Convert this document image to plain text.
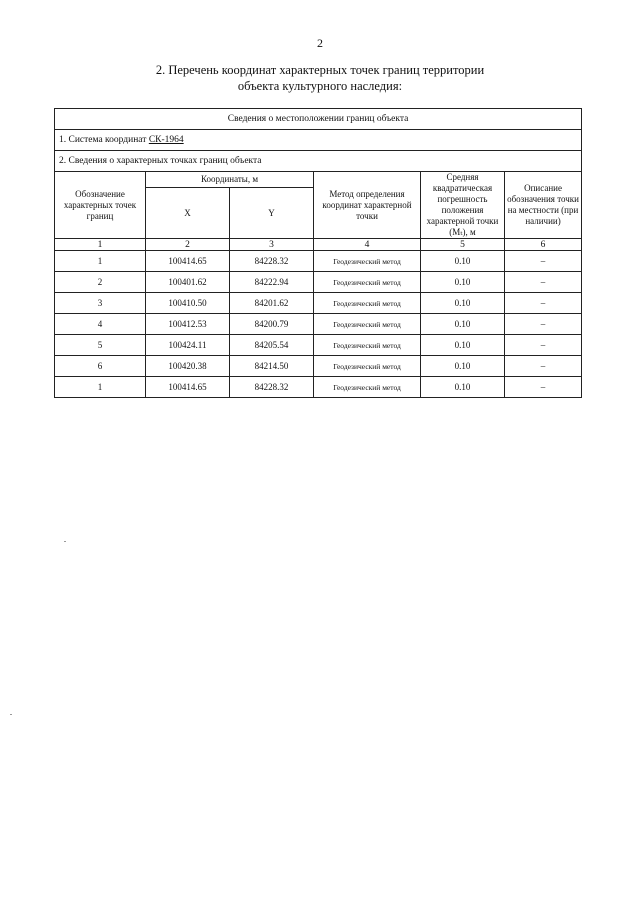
2
2. Перечень координат характерных точек границ территории
объекта культурного наследия:
Сведения о местоположении границ объекта					
1. Система координат СК-1964					
2. Сведения о характерных точках границ объекта					
Обозначение характерных точек границ	Координаты, м		Метод определения координат характерной точки	Средняя квадратическая погрешность положения характерной точки (Mₜ), м	Описание обозначения точки на местности (при наличии)
	X	Y			
1	2	3	4	5	6
1	100414.65	84228.32	Геодезический метод	0.10	–
2	100401.62	84222.94	Геодезический метод	0.10	–
3	100410.50	84201.62	Геодезический метод	0.10	–
4	100412.53	84200.79	Геодезический метод	0.10	–
5	100424.11	84205.54	Геодезический метод	0.10	–
6	100420.38	84214.50	Геодезический метод	0.10	–
1	100414.65	84228.32	Геодезический метод	0.10	–
